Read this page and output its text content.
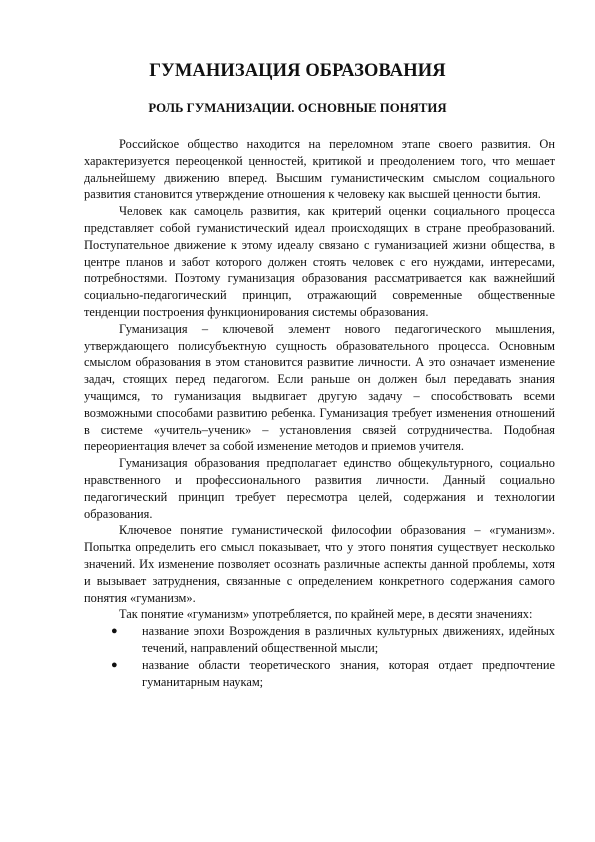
ГУМАНИЗАЦИЯ ОБРАЗОВАНИЯ
РОЛЬ ГУМАНИЗАЦИИ. ОСНОВНЫЕ ПОНЯТИЯ

Российское общество находится на переломном этапе своего развития. Он характеризуется переоценкой ценностей, критикой и преодолением того, что мешает дальнейшему движению вперед. Высшим гуманистическим смыслом социального развития становится утверждение отношения к человеку как высшей ценности бытия.

Человек как самоцель развития, как критерий оценки социального процесса представляет собой гуманистический идеал происходящих в стране преобразований. Поступательное движение к этому идеалу связано с гуманизацией жизни общества, в центре планов и забот которого должен стоять человек с его нуждами, интересами, потребностями. Поэтому гуманизация образования рассматривается как важнейший социально-педагогический принцип, отражающий современные общественные тенденции построения функционирования системы образования.

Гуманизация – ключевой элемент нового педагогического мышления, утверждающего полисубъектную сущность образовательного процесса. Основным смыслом образования в этом становится развитие личности. А это означает изменение задач, стоящих перед педагогом. Если раньше он должен был передавать знания учащимся, то гуманизация выдвигает другую задачу – способствовать всеми возможными способами развитию ребенка. Гуманизация требует изменения отношений в системе «учитель–ученик» – установления связей сотрудничества. Подобная переориентация влечет за собой изменение методов и приемов учителя.

Гуманизация образования предполагает единство общекультурного, социально нравственного и профессионального развития личности. Данный социально педагогический принцип требует пересмотра целей, содержания и технологии образования.

Ключевое понятие гуманистической философии образования – «гуманизм». Попытка определить его смысл показывает, что у этого понятия существует несколько значений. Их изменение позволяет осознать различные аспекты данной проблемы, хотя и вызывает затруднения, связанные с определением конкретного содержания самого понятия «гуманизм».

Так понятие «гуманизм» употребляется, по крайней мере, в десяти значениях:

● название эпохи Возрождения в различных культурных движениях, идейных течений, направлений общественной мысли;
● название области теоретического знания, которая отдает предпочтение гуманитарным наукам;
